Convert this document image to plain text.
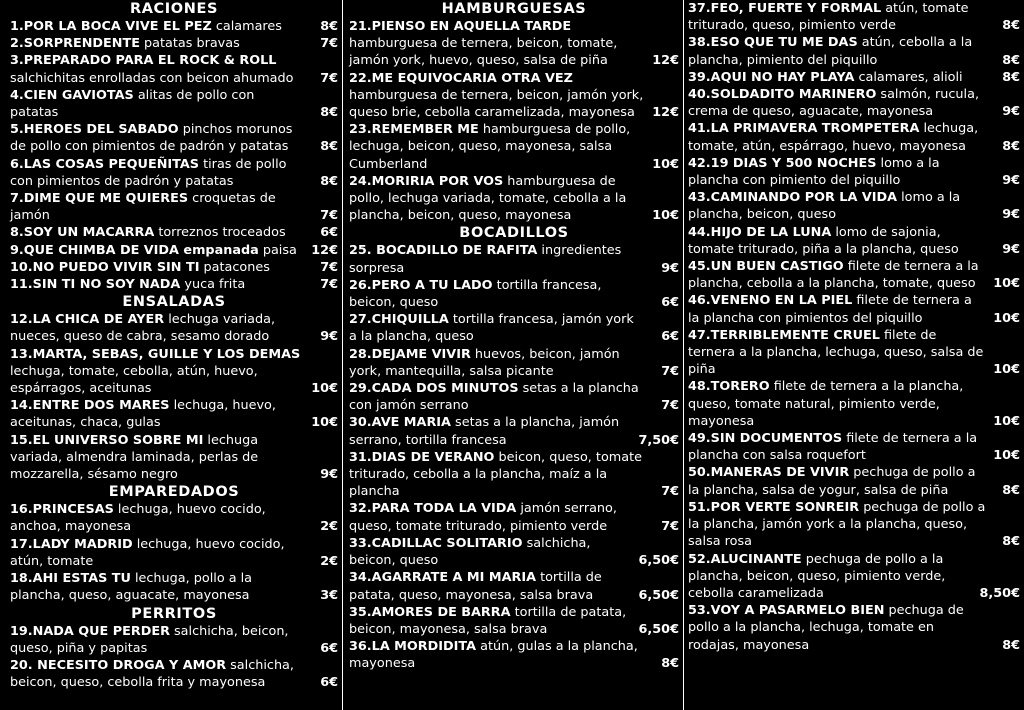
RACIONES
1.POR LA BOCA VIVE EL PEZ calamares	8€
2.SORPRENDENTE patatas bravas	7€
3.PREPARADO PARA EL ROCK & ROLL salchichitas enrolladas con beicon ahumado	7€
4.CIEN GAVIOTAS alitas de pollo con patatas	8€
5.HEROES DEL SABADO pinchos morunos de pollo con pimientos de padrón y patatas	8€
6.LAS COSAS PEQUEÑITAS tiras de pollo con pimientos de padrón y patatas	8€
7.DIME QUE ME QUIERES croquetas de jamón	7€
8.SOY UN MACARRA torreznos troceados	6€
9.QUE CHIMBA DE VIDA empanada paisa	12€
10.NO PUEDO VIVIR SIN TI patacones	7€
11.SIN TI NO SOY NADA yuca frita	7€
ENSALADAS
12.LA CHICA DE AYER lechuga variada, nueces, queso de cabra, sesamo dorado	9€
13.MARTA, SEBAS, GUILLE Y LOS DEMAS lechuga, tomate, cebolla, atún, huevo, espárragos, aceitunas	10€
14.ENTRE DOS MARES lechuga, huevo, aceitunas, chaca, gulas	10€
15.EL UNIVERSO SOBRE MI lechuga variada, almendra laminada, perlas de mozzarella, sésamo negro	9€
EMPAREDADOS
16.PRINCESAS lechuga, huevo cocido, anchoa, mayonesa	2€
17.LADY MADRID lechuga, huevo cocido, atún, tomate	2€
18.AHI ESTAS TU lechuga, pollo a la plancha, queso, aguacate, mayonesa	3€
PERRITOS
19.NADA QUE PERDER salchicha, beicon, queso, piña y papitas	6€
20. NECESITO DROGA Y AMOR salchicha, beicon, queso, cebolla frita y mayonesa	6€
HAMBURGUESAS
21.PIENSO EN AQUELLA TARDE hamburguesa de ternera, beicon, tomate, jamón york, huevo, queso, salsa de piña	12€
22.ME EQUIVOCARIA OTRA VEZ hamburguesa de ternera, beicon, jamón york, queso brie, cebolla caramelizada, mayonesa	12€
23.REMEMBER ME hamburguesa de pollo, lechuga, beicon, queso, mayonesa, salsa Cumberland	10€
24.MORIRIA POR VOS hamburguesa de pollo, lechuga variada, tomate, cebolla a la plancha, beicon, queso, mayonesa	10€
BOCADILLOS
25. BOCADILLO DE RAFITA ingredientes sorpresa	9€
26.PERO A TU LADO tortilla francesa, beicon, queso	6€
27.CHIQUILLA tortilla francesa, jamón york a la plancha, queso	6€
28.DEJAME VIVIR huevos, beicon, jamón york, mantequilla, salsa picante	7€
29.CADA DOS MINUTOS setas a la plancha con jamón serrano	7€
30.AVE MARIA setas a la plancha, jamón serrano, tortilla francesa	7,50€
31.DIAS DE VERANO beicon, queso, tomate triturado, cebolla a la plancha, maíz a la plancha	7€
32.PARA TODA LA VIDA jamón serrano, queso, tomate triturado, pimiento verde	7€
33.CADILLAC SOLITARIO salchicha, beicon, queso	6,50€
34.AGARRATE A MI MARIA tortilla de patata, queso, mayonesa, salsa brava	6,50€
35.AMORES DE BARRA tortilla de patata, beicon, mayonesa, salsa brava	6,50€
36.LA MORDIDITA atún, gulas a la plancha, mayonesa	8€
37.FEO, FUERTE Y FORMAL atún, tomate triturado, queso, pimiento verde	8€
38.ESO QUE TU ME DAS atún, cebolla a la plancha, pimiento del piquillo	8€
39.AQUI NO HAY PLAYA calamares, alioli	8€
40.SOLDADITO MARINERO salmón, rucula, crema de queso, aguacate, mayonesa	9€
41.LA PRIMAVERA TROMPETERA lechuga, tomate, atún, espárrago, huevo, mayonesa	8€
42.19 DIAS Y 500 NOCHES lomo a la plancha con pimiento del piquillo	9€
43.CAMINANDO POR LA VIDA lomo a la plancha, beicon, queso	9€
44.HIJO DE LA LUNA lomo de sajonia, tomate triturado, piña a la plancha, queso	9€
45.UN BUEN CASTIGO filete de ternera a la plancha, cebolla a la plancha, tomate, queso	10€
46.VENENO EN LA PIEL filete de ternera a la plancha con pimientos del piquillo	10€
47.TERRIBLEMENTE CRUEL filete de ternera a la plancha, lechuga, queso, salsa de piña	10€
48.TORERO filete de ternera a la plancha, queso, tomate natural, pimiento verde, mayonesa	10€
49.SIN DOCUMENTOS filete de ternera a la plancha con salsa roquefort	10€
50.MANERAS DE VIVIR pechuga de pollo a la plancha, salsa de yogur, salsa de piña	8€
51.POR VERTE SONREIR pechuga de pollo a la plancha, jamón york a la plancha, queso, salsa rosa	8€
52.ALUCINANTE pechuga de pollo a la plancha, beicon, queso, pimiento verde, cebolla caramelizada	8,50€
53.VOY A PASARMELO BIEN pechuga de pollo a la plancha, lechuga, tomate en rodajas, mayonesa	8€
